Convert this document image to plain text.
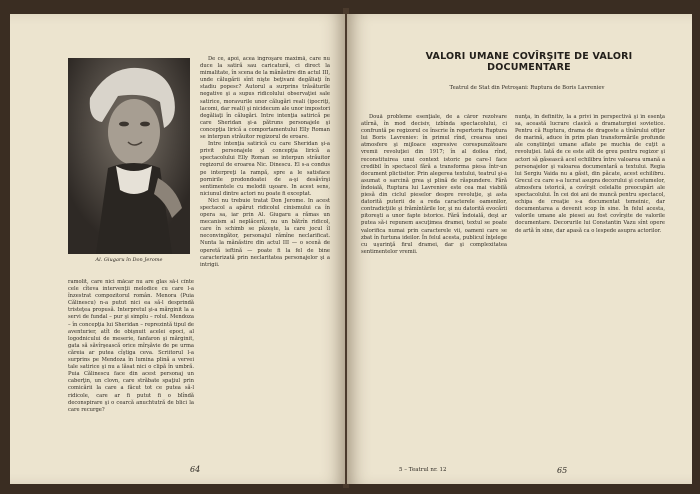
Al. Giugaru în Don Jerome

De ce, apoi, acea îngroşare maximă, care nu duce la satiră sau caricatură, ci direct la mimalitate, în scena de la mănăstire din actul III, unde călugării sînt nişte beţivani degăliaţi în stadiu popesc? Autorul a surprins trăsăturile negative şi a supus ridicolului observaţiei sale satirice, moravurile unor călugări reali (ipocriţi, lacomi, dar reali) şi nicidecum ale unor impostori degăliaţi în călugări. Intre intenţia satirică pe care Sheridan şi-a pătruns personajele şi concepţia lirică a comportamentului Elly Roman se interpun străuitor regizorul de eroare.

Intre intenţia satirică cu care Sheridan şi-a privit personajele şi concepţia lirică a spectacolului Elly Roman se interpun străuitor regizorul de eroarea Nic. Dinescu. El s-a condus pe interpreţi la rampă, spre a le satisface pornirile prodondoatei de a-şi desăvîrşi sentimentele cu melodii uşoare. In acest sens, niciunul dintre actori nu poate fi exceptat.

Nici nu trebuie tratat Don Jerome. In acest spectacol a apărut ridicolul cinismului ca în opera sa, iar prin Al. Giugaru a rămas un mecanism al neplăcerii, nu un bătrîn ridicol, care în schimb se păzeşte, la care jocul îl neconvingător, personajul rămîne neclarificat. Nunta la mănăstire din actul III — o scenă de operetă ieftină — poate fi la fel de bine caracterizată prin neclaritatea personajelor şi a intrigii.

ramolit, care nici măcar nu are glas să-i cînte cele cîteva intervenţii melodice cu care l-a înzestrat compozitorul român. Menora (Puia Călinescu) n-a putut nici ea să-l desprindă tristeţea propusă. Interpretul şi-a mărginit la a servi de fundal – pur şi simplu – rolul. Mendoza – în concepţia lui Sheridan – reprezintă tipul de aventurier, atît de obişnuit acelei epoci, al logodnicului de meserie, fanfaron şi mărginit, gata să săvîrşească orice mîrşăvie de pe urma căreia ar putea cîştiga ceva. Scriitorul l-a surprins pe Mendoza în lumina plină a vervei tale satirice şi nu a lăsat nici o clipă în umbră. Puia Călinescu face din acest personaj un caberţin, un clovn, care străbate spaţiul prin comicării la care a făcut tot ce putea să-l ridicole, care ar fi putut fi o blîndă deconspirare şi o cearcă anuchtutră de blici la care recurge?

64
VALORI UMANE COVÎRŞITE DE VALORI
DOCUMENTARE
Teatrul de Stat din Petroşani: Ruptura de Boris Lavreniev

Două probleme esenţiale, de a căror rezolvare atîrnă, în mod decisiv, izbînda spectacolului, ci confruntă pe regizorul ce înscrie în repertoriu Ruptura lui Boris Lavreniev: în primul rînd, crearea unei atmosfere şi mijloace expresive corespunzătoare vremii revoluţiei din 1917; în al doilea rînd, reconstituirea unui context istoric pe care-l face credibil în spectacol fără a transforma piesa într-un document plictisitor. Prin alegerea textului, teatrul şi-a asumat o sarcină grea şi plină de răspundere. Fără îndoială, Ruptura lui Lavreniev este cea mai viabilă piesă din ciclul pieselor despre revoluţie, şi asta datorită puterii de a reda caracterele oamenilor, contradicţiile şi frămîntările lor, şi nu datorită evocării pitoreşti a unor fapte istorice. Fără îndoială, deşi ar putea să-i repunem ascuţimea dramei, textul se poate valorifica numai prin caracterele vii, oameni care se zbat în furtuna ideilor. În felul acesta, publicul înţelege cu uşurinţă firul dramei, dar şi complexitatea sentimentelor vremii.

nunţa, în definitiv, la a privi în perspectivă şi în esenţa sa, această lucrare clasică a dramaturgiei sovietice. Pentru că Ruptura, drama de dragoste a tînărului ofiţer de marină, aduce în prim plan transformările profunde ale conştiinţei umane aflate pe muchia de cuţit a revoluţiei. Iată de ce este atît de greu pentru regizor şi actori să găsească acel echilibru între valoarea umană a personajelor şi valoarea documentară a textului. Regia lui Sergiu Vaida nu a găsit, din păcate, acest echilibru. Grecul cu care s-a lucrat asupra decorului şi costumelor, atmosfera istorică, a covîrşit celelalte preocupări ale spectacolului. În cei doi ani de muncă pentru spectacol, echipa de creaţie s-a documentat temeinic, dar documentarea a devenit scop în sine. În felul acesta, valorile umane ale piesei au fost covîrşite de valorile documentare. Decorurile lui Constantin Vazu sînt opere de artă în sine, dar apasă ca o lespede asupra actorilor.

5 – Teatrul nr. 12	65
